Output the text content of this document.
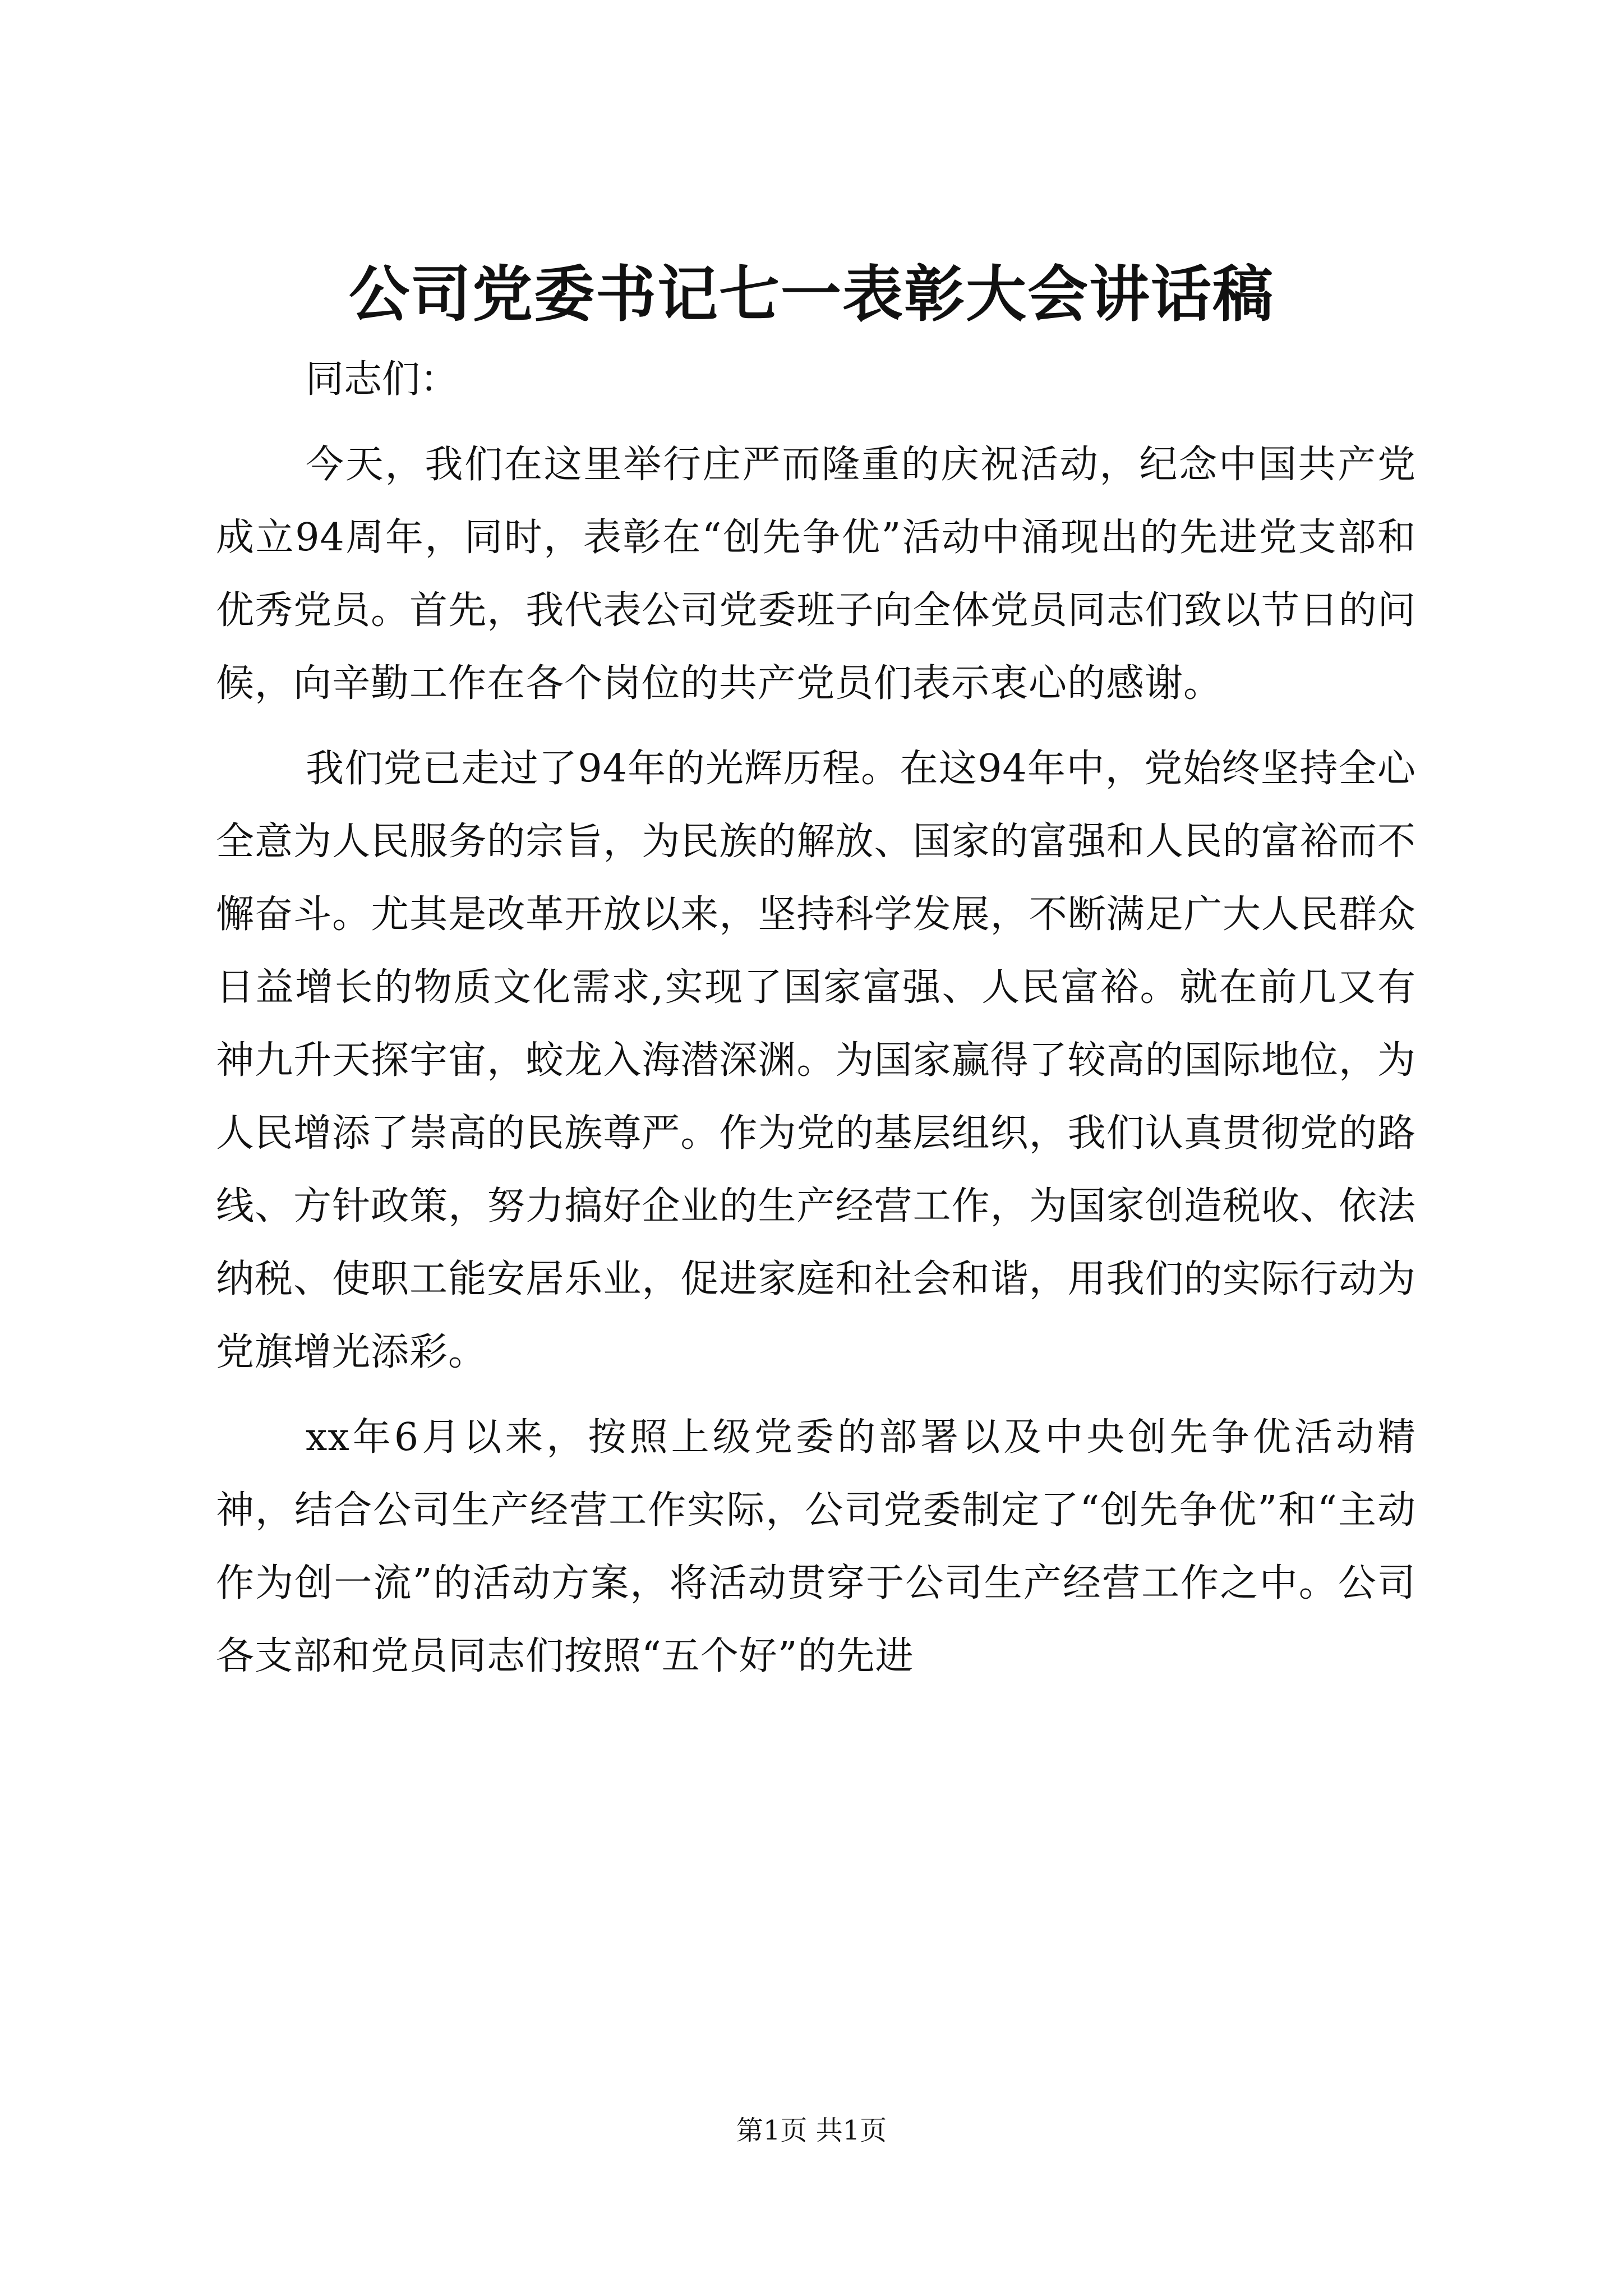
公司党委书记七一表彰大会讲话稿

同志们：

今天，我们在这里举行庄严而隆重的庆祝活动，纪念中国共产党成立94周年，同时，表彰在“创先争优”活动中涌现出的先进党支部和优秀党员。首先，我代表公司党委班子向全体党员同志们致以节日的问候，向辛勤工作在各个岗位的共产党员们表示衷心的感谢。

我们党已走过了94年的光辉历程。在这94年中，党始终坚持全心全意为人民服务的宗旨，为民族的解放、国家的富强和人民的富裕而不懈奋斗。尤其是改革开放以来，坚持科学发展，不断满足广大人民群众日益增长的物质文化需求,实现了国家富强、人民富裕。就在前几又有神九升天探宇宙，蛟龙入海潜深渊。为国家赢得了较高的国际地位，为人民增添了崇高的民族尊严。作为党的基层组织，我们认真贯彻党的路线、方针政策，努力搞好企业的生产经营工作，为国家创造税收、依法纳税、使职工能安居乐业，促进家庭和社会和谐，用我们的实际行动为党旗增光添彩。

xx年6月以来，按照上级党委的部署以及中央创先争优活动精神，结合公司生产经营工作实际，公司党委制定了“创先争优”和“主动作为创一流”的活动方案，将活动贯穿于公司生产经营工作之中。公司各支部和党员同志们按照“五个好”的先进

第1页 共1页
